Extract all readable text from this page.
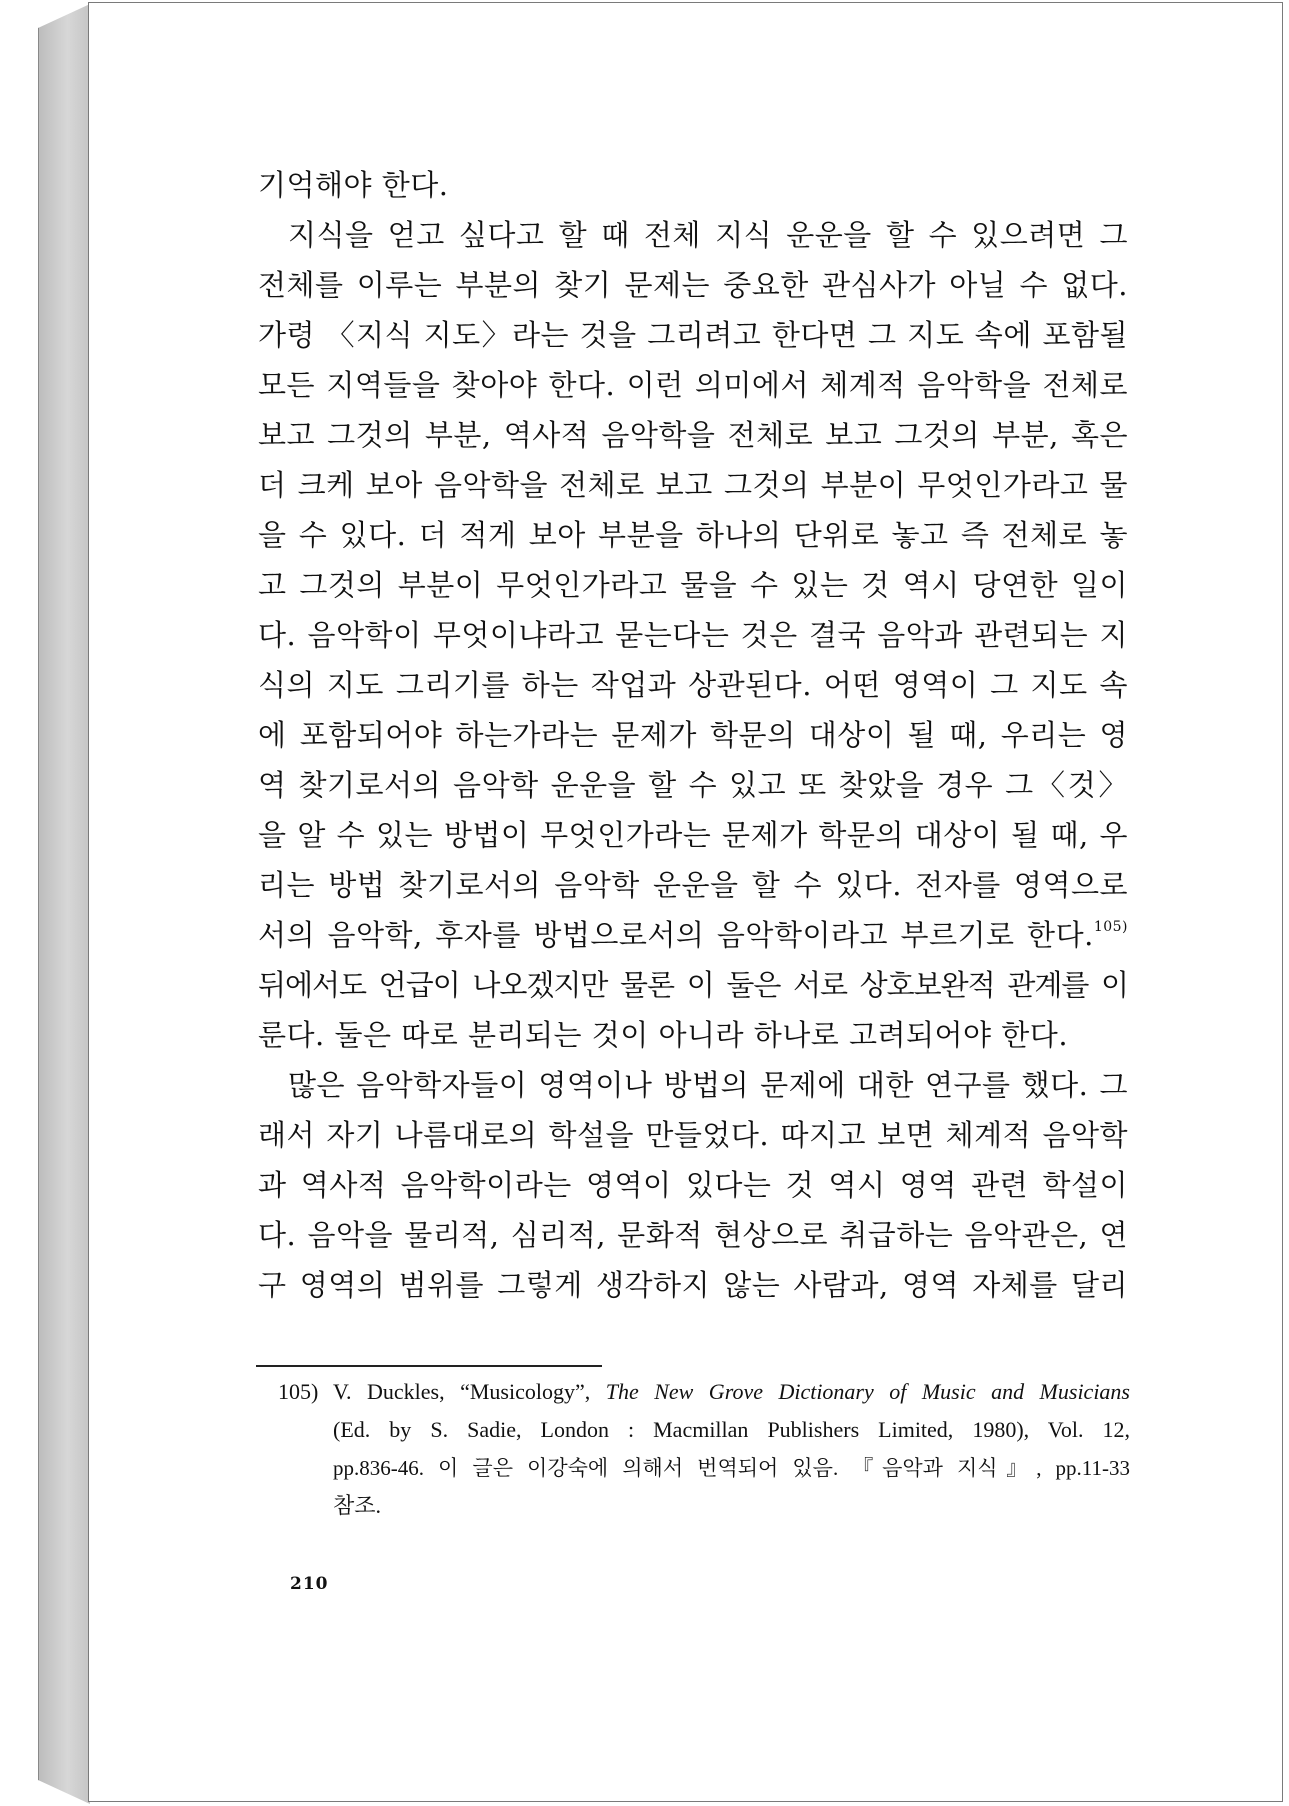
기억해야 한다.
지식을 얻고 싶다고 할 때 전체 지식 운운을 할 수 있으려면 그
전체를 이루는 부분의 찾기 문제는 중요한 관심사가 아닐 수 없다.
가령 〈지식 지도〉라는 것을 그리려고 한다면 그 지도 속에 포함될
모든 지역들을 찾아야 한다. 이런 의미에서 체계적 음악학을 전체로
보고 그것의 부분, 역사적 음악학을 전체로 보고 그것의 부분, 혹은
더 크케 보아 음악학을 전체로 보고 그것의 부분이 무엇인가라고 물
을 수 있다. 더 적게 보아 부분을 하나의 단위로 놓고 즉 전체로 놓
고 그것의 부분이 무엇인가라고 물을 수 있는 것 역시 당연한 일이
다. 음악학이 무엇이냐라고 묻는다는 것은 결국 음악과 관련되는 지
식의 지도 그리기를 하는 작업과 상관된다. 어떤 영역이 그 지도 속
에 포함되어야 하는가라는 문제가 학문의 대상이 될 때, 우리는 영
역 찾기로서의 음악학 운운을 할 수 있고 또 찾았을 경우 그〈것〉
을 알 수 있는 방법이 무엇인가라는 문제가 학문의 대상이 될 때, 우
리는 방법 찾기로서의 음악학 운운을 할 수 있다. 전자를 영역으로
서의 음악학, 후자를 방법으로서의 음악학이라고 부르기로 한다.$^{105)}$
뒤에서도 언급이 나오겠지만 물론 이 둘은 서로 상호보완적 관계를 이
룬다. 둘은 따로 분리되는 것이 아니라 하나로 고려되어야 한다.
많은 음악학자들이 영역이나 방법의 문제에 대한 연구를 했다. 그
래서 자기 나름대로의 학설을 만들었다. 따지고 보면 체계적 음악학
과 역사적 음악학이라는 영역이 있다는 것 역시 영역 관련 학설이
다. 음악을 물리적, 심리적, 문화적 현상으로 취급하는 음악관은, 연
구 영역의 범위를 그렇게 생각하지 않는 사람과, 영역 자체를 달리
105) V. Duckles, “Musicology”, The New Grove Dictionary of Music and Musicians
(Ed. by S. Sadie, London : Macmillan Publishers Limited, 1980), Vol. 12,
pp.836-46. 이 글은 이강숙에 의해서 번역되어 있음. 『음악과 지식』, pp.11-33
참조.
210
